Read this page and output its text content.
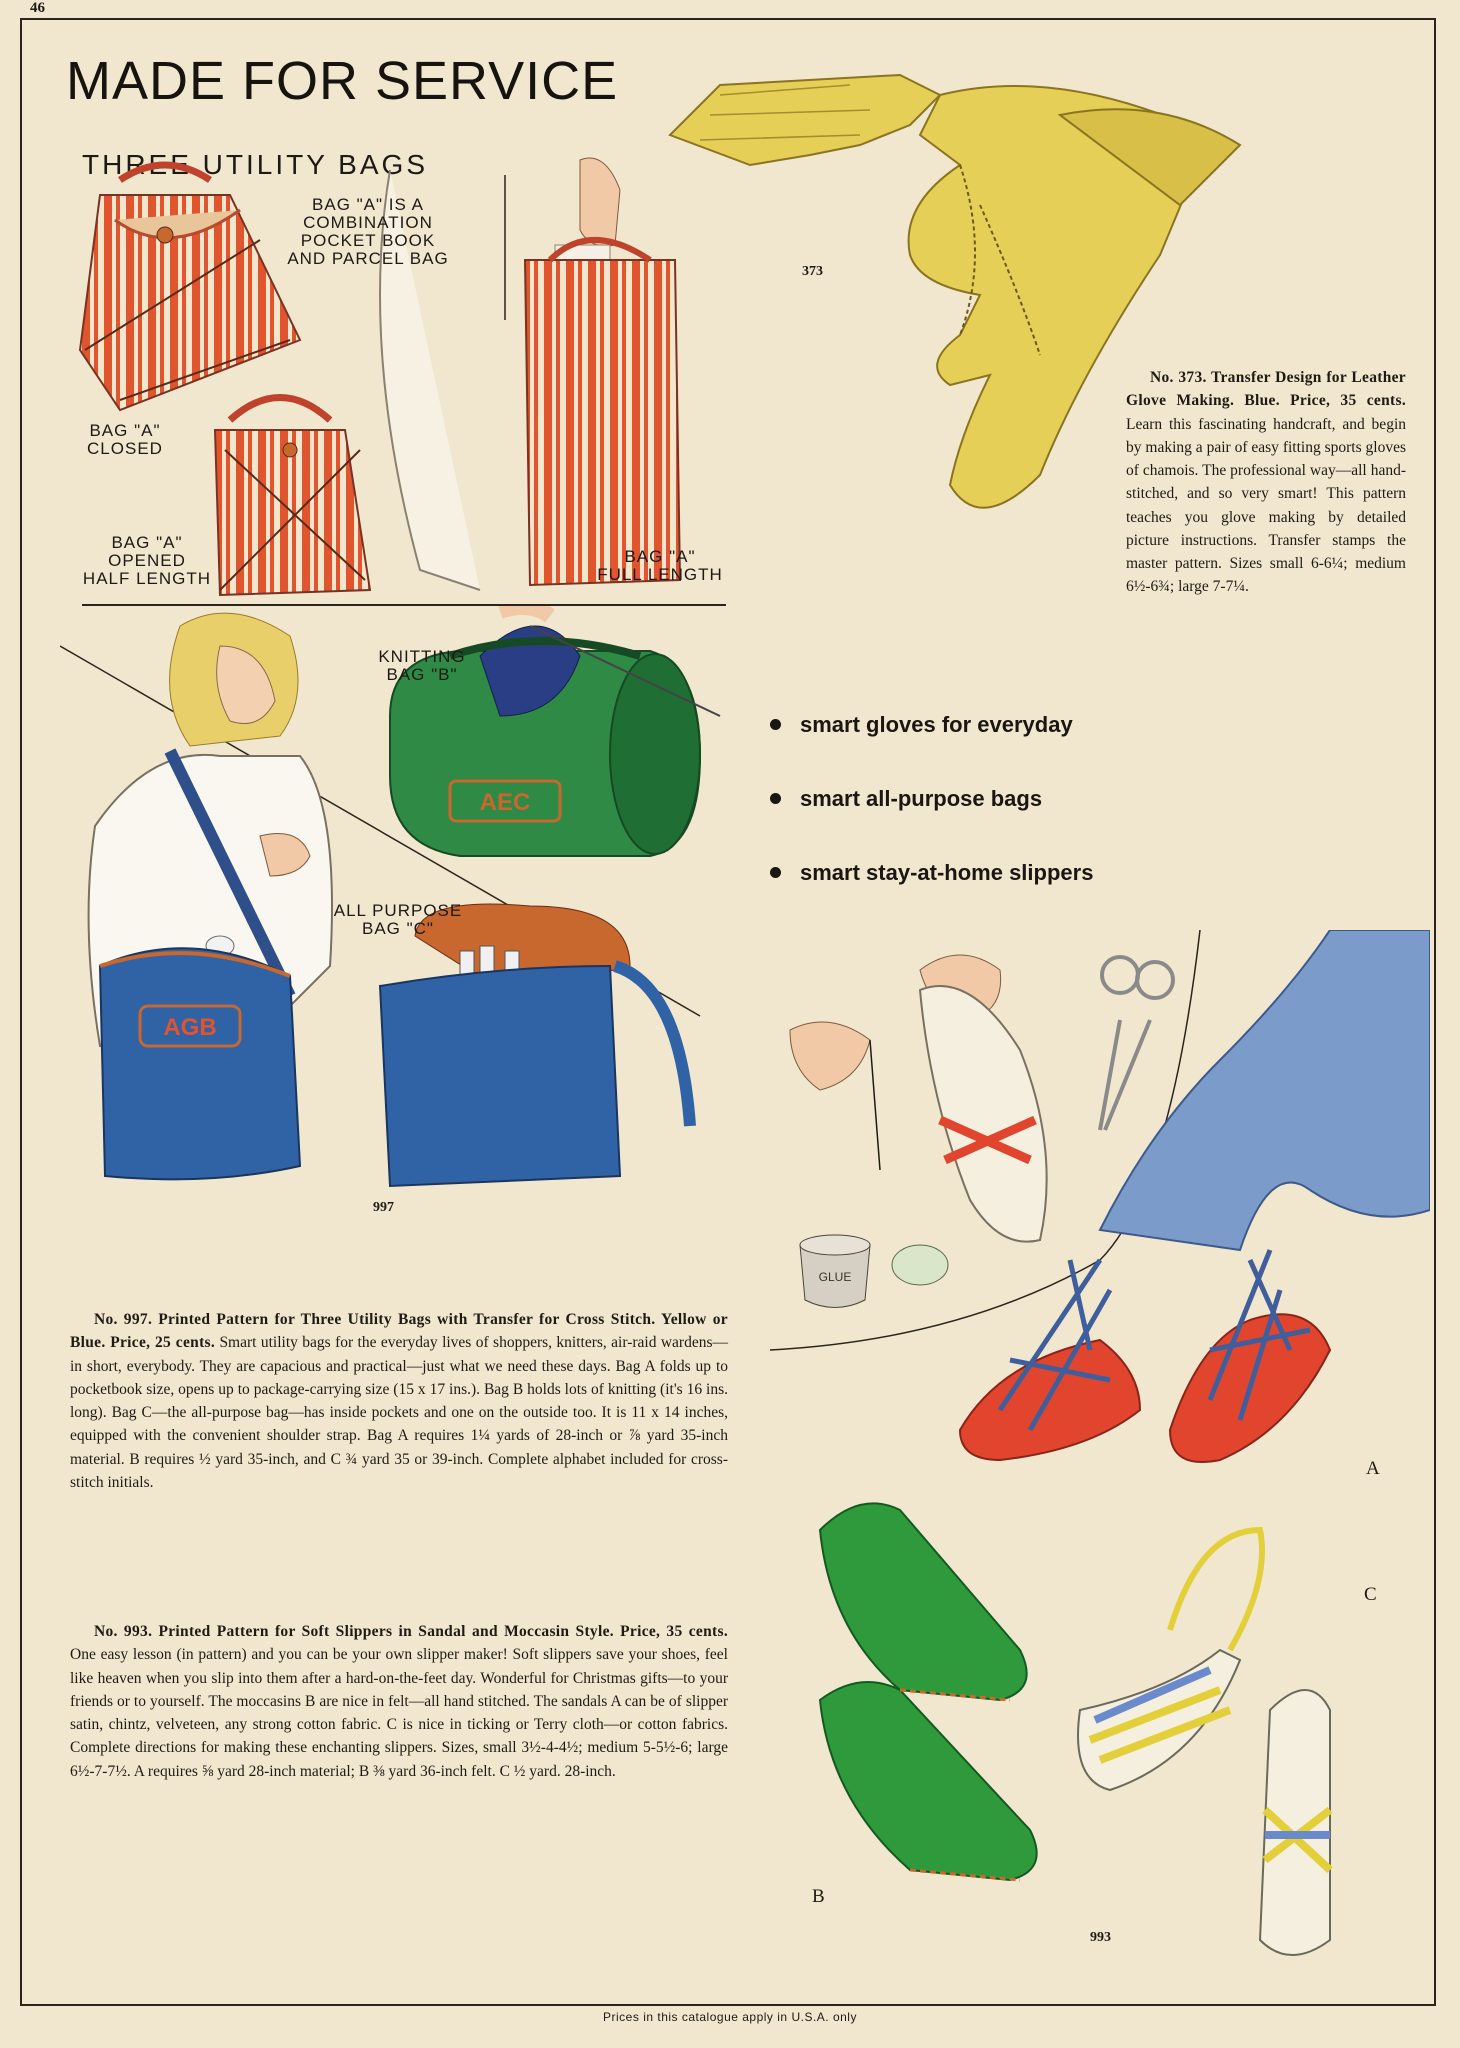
46
MADE FOR SERVICE
THREE UTILITY BAGS
BAG "A" IS A
COMBINATION
POCKET BOOK
AND PARCEL BAG
BAG "A"
CLOSED
BAG "A"
OPENED
HALF LENGTH
BAG "A"
FULL LENGTH
AGB
AEC
KNITTING
BAG "B"
ALL PURPOSE
BAG "C"
997
373

No. 373. Transfer Design for Leather Glove Making. Blue. Price, 35 cents. Learn this fascinating handcraft, and begin by making a pair of easy fitting sports gloves of chamois. The professional way—all hand-stitched, and so very smart! This pattern teaches you glove making by detailed picture instructions. Transfer stamps the master pattern. Sizes small 6-6¼; medium 6½-6¾; large 7-7¼.

smart gloves for everyday
smart all-purpose bags
smart stay-at-home slippers

No. 997. Printed Pattern for Three Utility Bags with Transfer for Cross Stitch. Yellow or Blue. Price, 25 cents. Smart utility bags for the everyday lives of shoppers, knitters, air-raid wardens—in short, everybody. They are capacious and practical—just what we need these days. Bag A folds up to pocketbook size, opens up to package-carrying size (15 x 17 ins.). Bag B holds lots of knitting (it's 16 ins. long). Bag C—the all-purpose bag—has inside pockets and one on the outside too. It is 11 x 14 inches, equipped with the convenient shoulder strap. Bag A requires 1¼ yards of 28-inch or ⅞ yard 35-inch material. B requires ½ yard 35-inch, and C ¾ yard 35 or 39-inch. Complete alphabet included for cross-stitch initials.

No. 993. Printed Pattern for Soft Slippers in Sandal and Moccasin Style. Price, 35 cents. One easy lesson (in pattern) and you can be your own slipper maker! Soft slippers save your shoes, feel like heaven when you slip into them after a hard-on-the-feet day. Wonderful for Christmas gifts—to your friends or to yourself. The moccasins B are nice in felt—all hand stitched. The sandals A can be of slipper satin, chintz, velveteen, any strong cotton fabric. C is nice in ticking or Terry cloth—or cotton fabrics. Complete directions for making these enchanting slippers. Sizes, small 3½-4-4½; medium 5-5½-6; large 6½-7-7½. A requires ⅝ yard 28-inch material; B ⅜ yard 36-inch felt. C ½ yard. 28-inch.

GLUE
A
C
B
993
Prices in this catalogue apply in U.S.A. only
